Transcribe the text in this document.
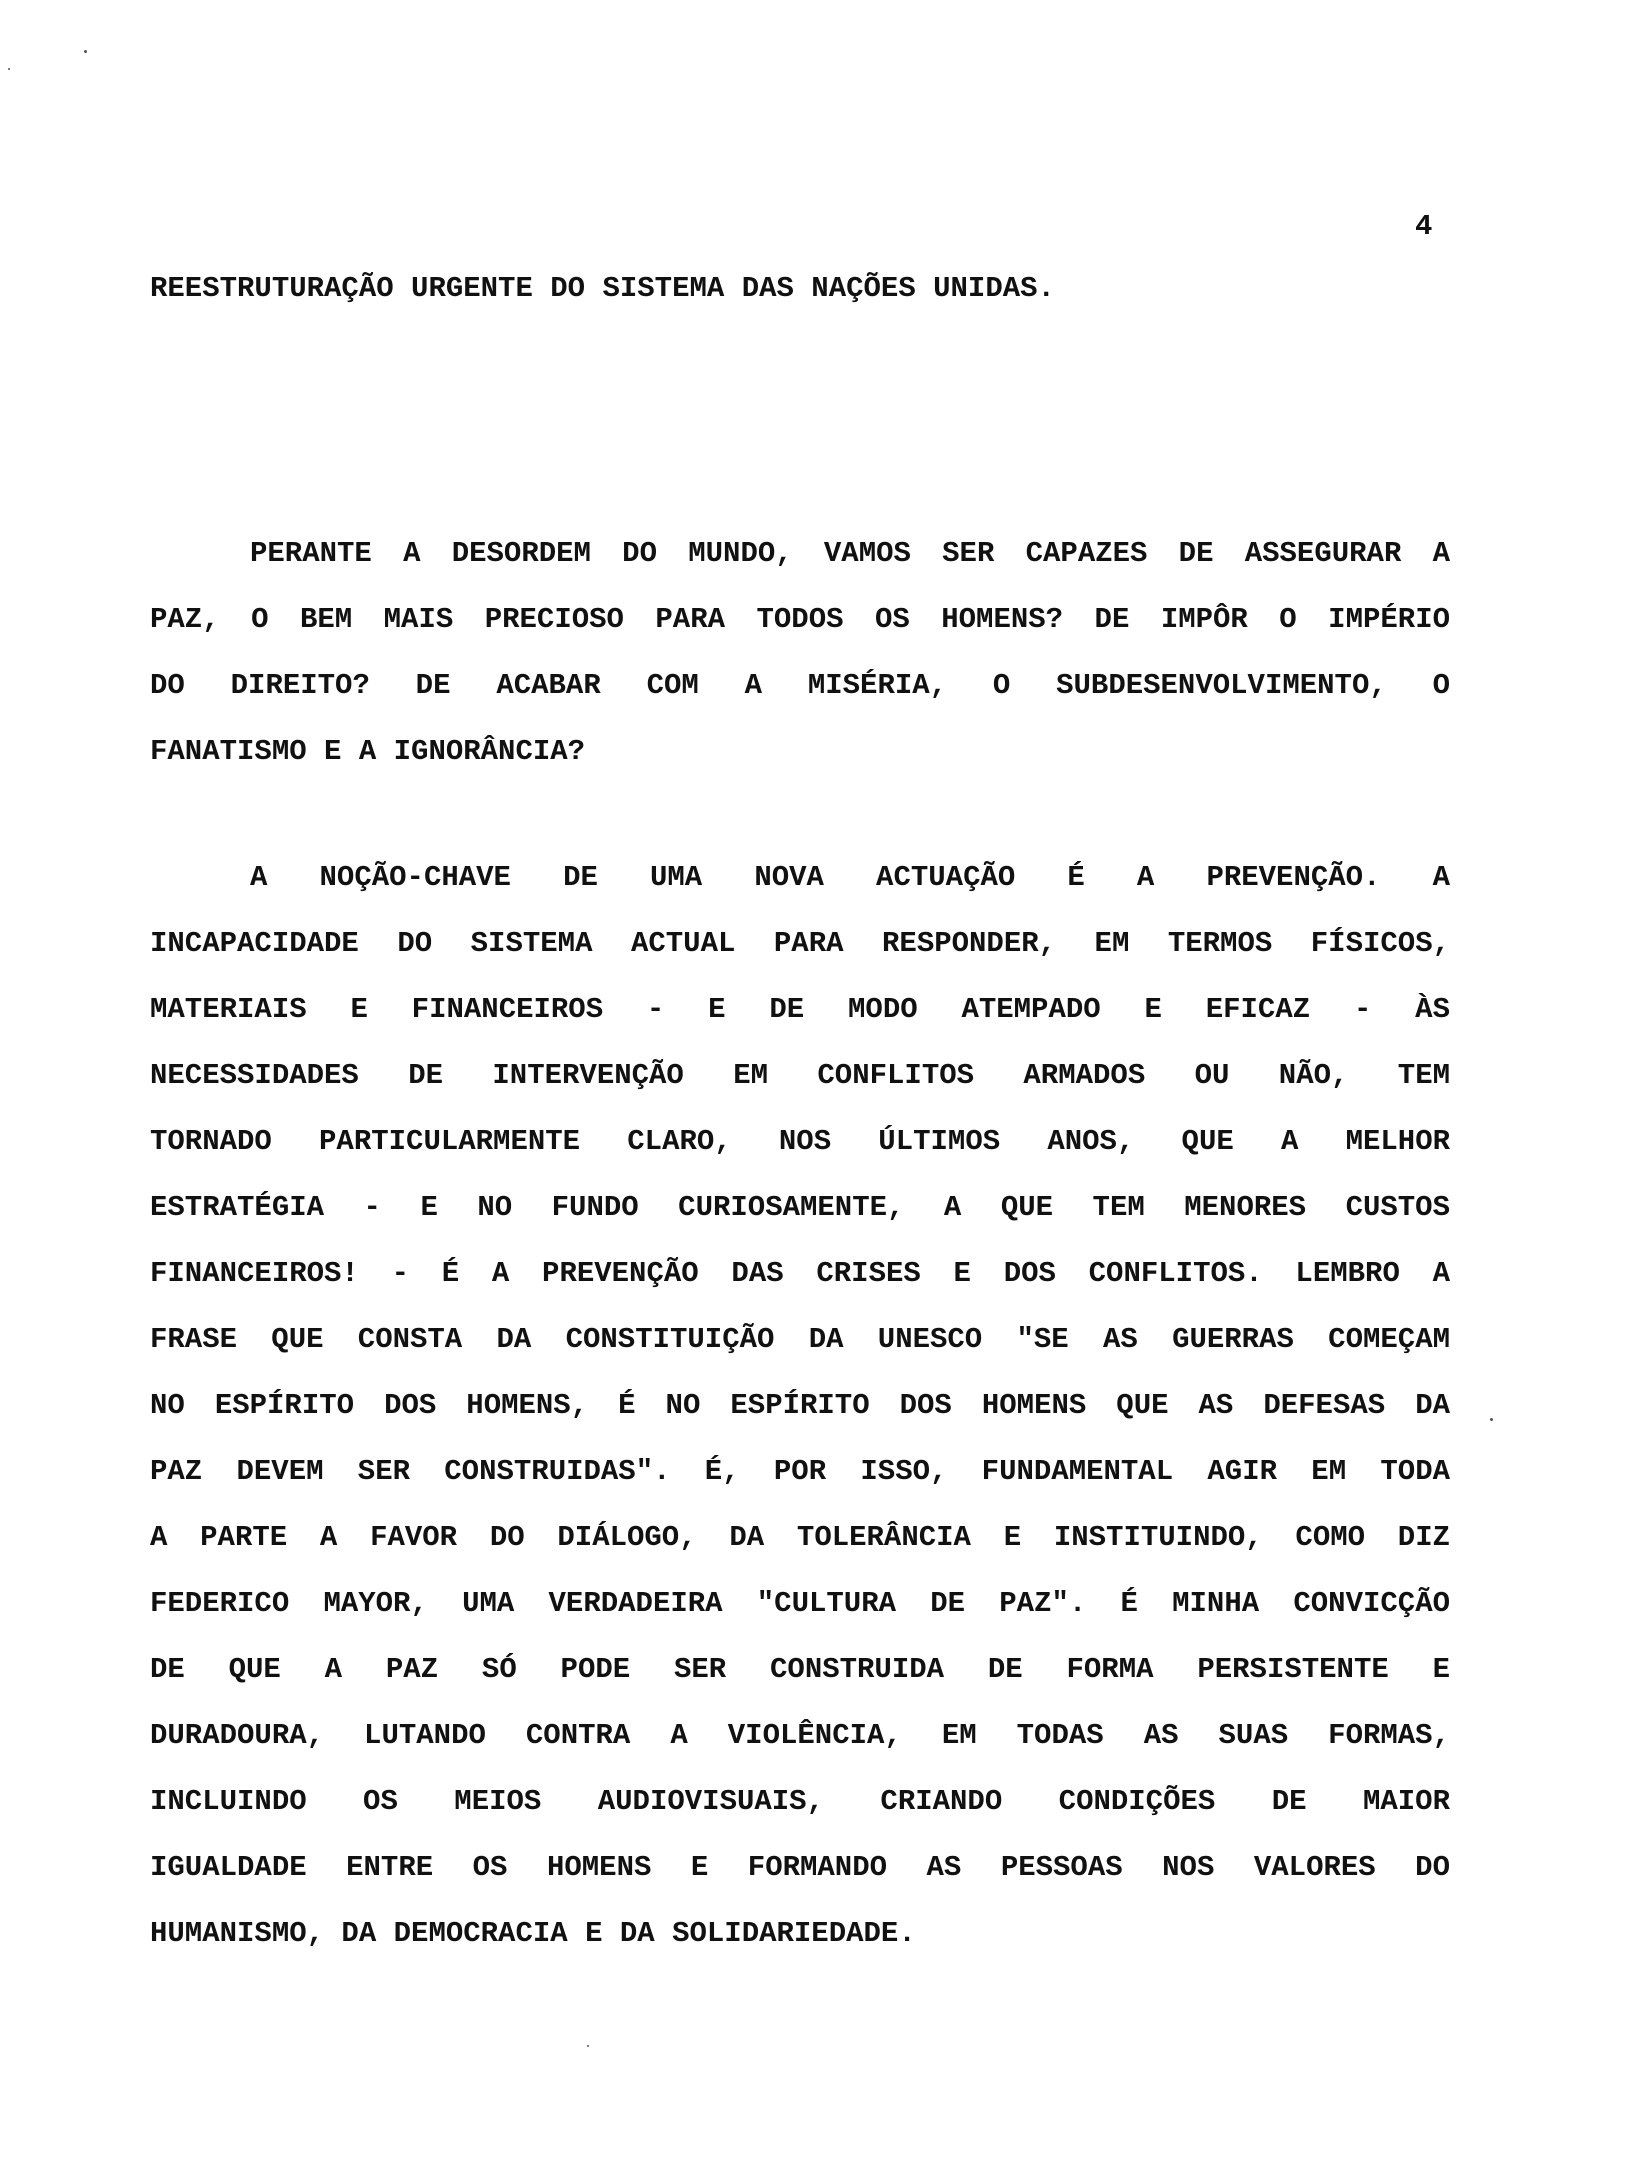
4
REESTRUTURAÇÃO URGENTE DO SISTEMA DAS NAÇÕES UNIDAS.
PERANTE A DESORDEM DO MUNDO, VAMOS SER CAPAZES DE ASSEGURAR A
PAZ, O BEM MAIS PRECIOSO PARA TODOS OS HOMENS? DE IMPÔR O IMPÉRIO
DO DIREITO? DE ACABAR COM A MISÉRIA, O SUBDESENVOLVIMENTO, O
FANATISMO E A IGNORÂNCIA?
A NOÇÃO-CHAVE DE UMA NOVA ACTUAÇÃO É A PREVENÇÃO. A
INCAPACIDADE DO SISTEMA ACTUAL PARA RESPONDER, EM TERMOS FÍSICOS,
MATERIAIS E FINANCEIROS - E DE MODO ATEMPADO E EFICAZ - ÀS
NECESSIDADES DE INTERVENÇÃO EM CONFLITOS ARMADOS OU NÃO, TEM
TORNADO PARTICULARMENTE CLARO, NOS ÚLTIMOS ANOS, QUE A MELHOR
ESTRATÉGIA - E NO FUNDO CURIOSAMENTE, A QUE TEM MENORES CUSTOS
FINANCEIROS! - É A PREVENÇÃO DAS CRISES E DOS CONFLITOS. LEMBRO A
FRASE QUE CONSTA DA CONSTITUIÇÃO DA UNESCO "SE AS GUERRAS COMEÇAM
NO ESPÍRITO DOS HOMENS, É NO ESPÍRITO DOS HOMENS QUE AS DEFESAS DA
PAZ DEVEM SER CONSTRUIDAS". É, POR ISSO, FUNDAMENTAL AGIR EM TODA
A PARTE A FAVOR DO DIÁLOGO, DA TOLERÂNCIA E INSTITUINDO, COMO DIZ
FEDERICO MAYOR, UMA VERDADEIRA "CULTURA DE PAZ". É MINHA CONVICÇÃO
DE QUE A PAZ SÓ PODE SER CONSTRUIDA DE FORMA PERSISTENTE E
DURADOURA, LUTANDO CONTRA A VIOLÊNCIA, EM TODAS AS SUAS FORMAS,
INCLUINDO OS MEIOS AUDIOVISUAIS, CRIANDO CONDIÇÕES DE MAIOR
IGUALDADE ENTRE OS HOMENS E FORMANDO AS PESSOAS NOS VALORES DO
HUMANISMO, DA DEMOCRACIA E DA SOLIDARIEDADE.
